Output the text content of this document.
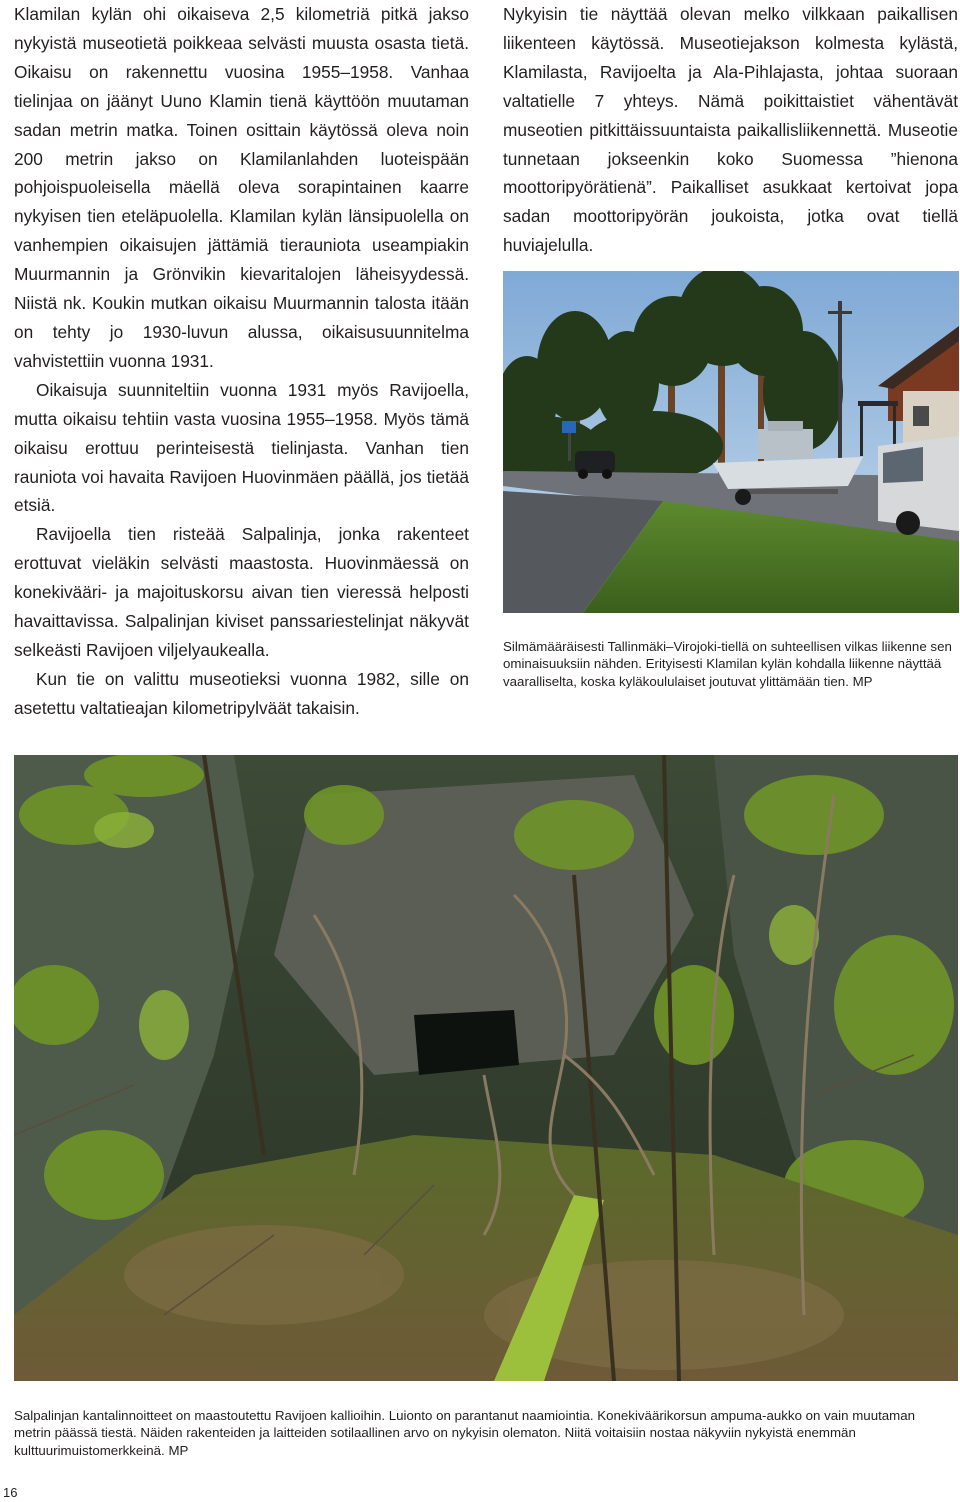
Klamilan kylän ohi oikaiseva 2,5 kilometriä pitkä jakso nykyistä museotietä poikkeaa selvästi muusta osasta tietä. Oikaisu on rakennettu vuosina 1955–1958. Vanhaa tielinjaa on jäänyt Uuno Klamin tienä käyttöön muutaman sadan metrin matka. Toinen osittain käytössä oleva noin 200 metrin jakso on Klamilanlahden luoteispään pohjoispuoleisella mäellä oleva sorapintainen kaarre nykyisen tien eteläpuolella. Klamilan kylän länsipuolella on vanhempien oikaisujen jättämiä tierauniota useampiakin Muurmannin ja Grönvikin kievaritalojen läheisyydessä. Niistä nk. Koukin mutkan oikaisu Muurmannin talosta itään on tehty jo 1930-luvun alussa, oikaisusuunnitelma vahvistettiin vuonna 1931.

Oikaisuja suunniteltiin vuonna 1931 myös Ravijoella, mutta oikaisu tehtiin vasta vuosina 1955–1958. Myös tämä oikaisu erottuu perinteisestä tielinjasta. Vanhan tien rauniota voi havaita Ravijoen Huovinmäen päällä, jos tietää etsiä.

Ravijoella tien risteää Salpalinja, jonka rakenteet erottuvat vieläkin selvästi maastosta. Huovinmäessä on konekivääri- ja majoituskorsu aivan tien vieressä helposti havaittavissa. Salpalinjan kiviset panssariestelinjat näkyvät selkeästi Ravijoen viljelyaukealla.

Kun tie on valittu museotieksi vuonna 1982, sille on asetettu valtatieajan kilometripylväät takaisin.

Nykyisin tie näyttää olevan melko vilkkaan paikallisen liikenteen käytössä. Museotiejakson kolmesta kylästä, Klamilasta, Ravijoelta ja Ala-Pihlajasta, johtaa suoraan valtatielle 7 yhteys. Nämä poikittaistiet vähentävät museotien pitkittäissuuntaista paikallisliikennettä. Museotie tunnetaan jokseenkin koko Suomessa ”hienona moottoripyörätienä”. Paikalliset asukkaat kertoivat jopa sadan moottoripyörän joukoista, jotka ovat tiellä huviajelulla.

Silmämääräisesti Tallinmäki–Virojoki-tiellä on suhteellisen vilkas liikenne sen ominaisuuksiin nähden. Erityisesti Klamilan kylän kohdalla liikenne näyttää vaaralliselta, koska kyläkoululaiset joutuvat ylittämään tien. MP
Salpalinjan kantalinnoitteet on maastoutettu Ravijoen kallioihin. Luionto on parantanut naamiointia. Konekiväärikorsun ampuma-aukko on vain muutaman metrin päässä tiestä. Näiden rakenteiden ja laitteiden sotilaallinen arvo on nykyisin olematon. Niitä voitaisiin nostaa näkyviin nykyistä enemmän kulttuurimuistomerkkeinä. MP
16
